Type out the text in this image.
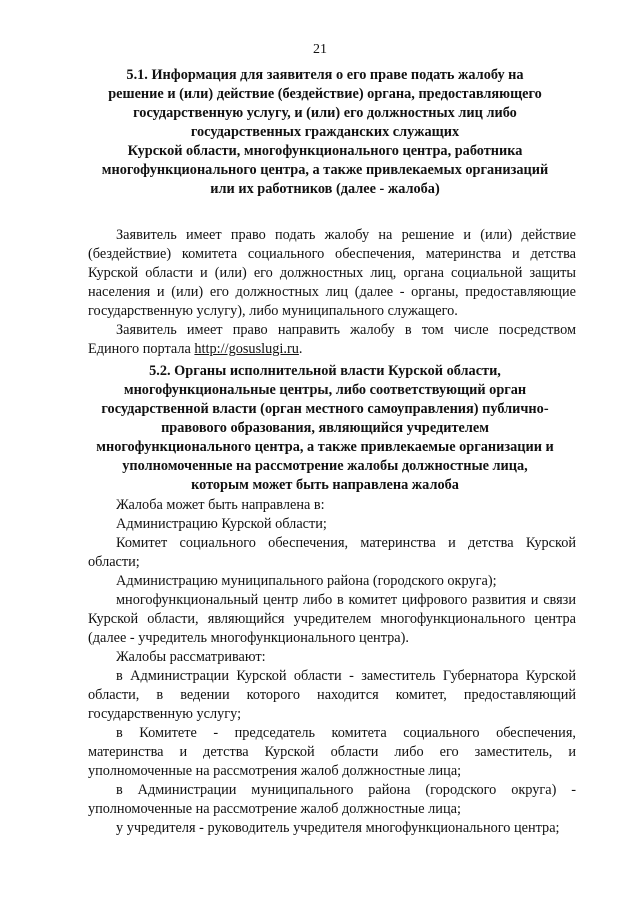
21
5.1. Информация для заявителя о его праве подать жалобу на
решение и (или) действие (бездействие) органа, предоставляющего
государственную услугу, и (или) его должностных лиц либо
государственных гражданских служащих
Курской области, многофункционального центра, работника
многофункционального центра, а также привлекаемых организаций
или их работников (далее - жалоба)

Заявитель имеет право подать жалобу на решение и (или) действие (бездействие) комитета социального обеспечения, материнства и детства Курской области и (или) его должностных лиц, органа социальной защиты населения и (или) его должностных лиц (далее - органы, предоставляющие государственную услугу), либо муниципального служащего.

Заявитель имеет право направить жалобу в том числе посредством Единого портала http://gosuslugi.ru.

5.2. Органы исполнительной власти Курской области,
многофункциональные центры, либо соответствующий орган
государственной власти (орган местного самоуправления) публично-
правового образования, являющийся учредителем
многофункционального центра, а также привлекаемые организации и
уполномоченные на рассмотрение жалобы должностные лица,
которым может быть направлена жалоба

Жалоба может быть направлена в:

Администрацию Курской области;

Комитет социального обеспечения, материнства и детства Курской области;

Администрацию муниципального района (городского округа);

многофункциональный центр либо в комитет цифрового развития и связи Курской области, являющийся учредителем многофункционального центра (далее - учредитель многофункционального центра).

Жалобы рассматривают:

в Администрации Курской области - заместитель Губернатора Курской области, в ведении которого находится комитет, предоставляющий государственную услугу;

в Комитете - председатель комитета социального обеспечения, материнства и детства Курской области либо его заместитель, и уполномоченные на рассмотрения жалоб должностные лица;

в Администрации муниципального района (городского округа) - уполномоченные на рассмотрение жалоб должностные лица;

у учредителя - руководитель учредителя многофункционального центра;
